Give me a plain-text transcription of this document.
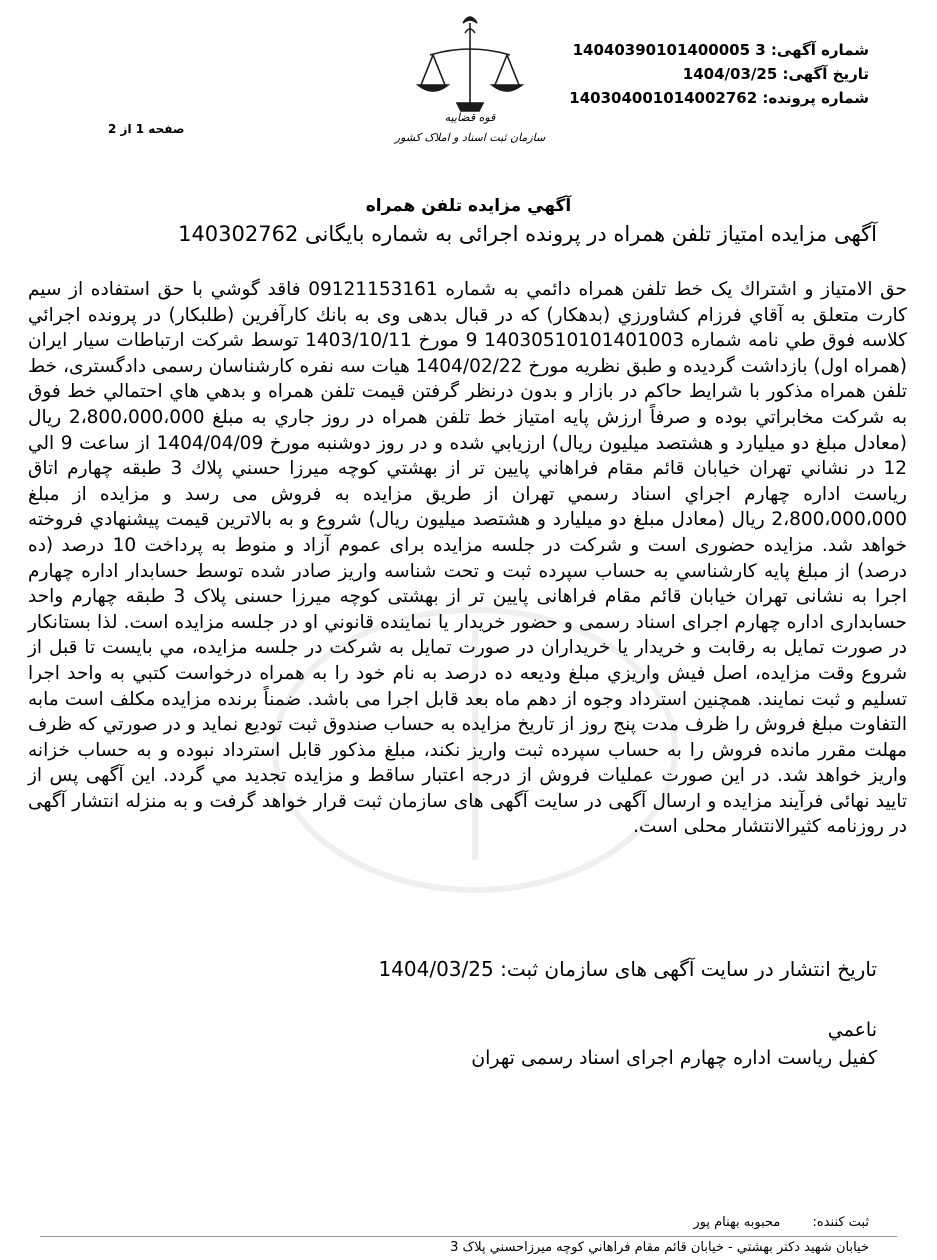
قوه قضاییه
سازمان ثبت اسناد و املاک کشور
شماره آگهی: 14040390101400005 3
تاریخ آگهی: 1404/03/25
شماره پرونده: 140304001014002762
صفحه 1 از 2
آگهي مزايده تلفن همراه
آگهی مزایده امتیاز تلفن همراه در پرونده اجرائی به شماره بایگانی 140302762
حق الامتياز و اشتراك يک خط تلفن همراه دائمي به شماره 09121153161 فاقد گوشي با حق استفاده از سيم كارت متعلق به آقاي فرزام كشاورزي (بدهكار) كه در قبال بدهی وی به بانك كارآفرين (طلبكار) در پرونده اجرائي كلاسه فوق طي نامه شماره 14030510101401003 9 مورخ 1403/10/11 توسط شركت ارتباطات سيار ايران (همراه اول) بازداشت گرديده و طبق نظريه مورخ 1404/02/22 هيات سه نفره كارشناسان رسمی دادگستری، خط تلفن همراه مذكور با شرايط حاكم در بازار و بدون درنظر گرفتن قيمت تلفن همراه و بدهي هاي احتمالي خط فوق به شركت مخابراتي بوده و صرفاً ارزش پايه امتياز خط تلفن همراه در روز جاري به مبلغ 2،800،000،000 ريال (معادل مبلغ دو ميليارد و هشتصد ميليون ريال) ارزيابي شده و در روز دوشنبه مورخ 1404/04/09 از ساعت 9 الي 12 در نشاني تهران خيابان قائم مقام فراهاني پايين تر از بهشتي كوچه ميرزا حسني پلاك 3 طبقه چهارم اتاق رياست اداره چهارم اجراي اسناد رسمي تهران از طريق مزايده به فروش می رسد و مزايده از مبلغ 2،800،000،000 ريال (معادل مبلغ دو ميليارد و هشتصد ميليون ريال) شروع و به بالاترين قيمت پيشنهادي فروخته خواهد شد. مزايده حضوری است و شركت در جلسه مزايده برای عموم آزاد و منوط به پرداخت 10 درصد (ده درصد) از مبلغ پايه كارشناسي به حساب سپرده ثبت و تحت شناسه واريز صادر شده توسط حسابدار اداره چهارم اجرا به نشانی تهران خيابان قائم مقام فراهانی پايين تر از بهشتی كوچه ميرزا حسنی پلاک 3 طبقه چهارم واحد حسابداری اداره چهارم اجرای اسناد رسمی و حضور خريدار يا نماينده قانوني او در جلسه مزايده است. لذا بستانكار در صورت تمايل به رقابت و خريدار يا خريداران در صورت تمايل به شركت در جلسه مزايده، مي بايست تا قبل از شروع وقت مزايده، اصل فيش واريزي مبلغ وديعه ده درصد به نام خود را به همراه درخواست كتبي به واحد اجرا تسليم و ثبت نمايند. همچنين استرداد وجوه از دهم ماه بعد قابل اجرا می باشد. ضمناً برنده مزايده مكلف است مابه التفاوت مبلغ فروش را ظرف مدت پنج روز از تاريخ مزايده به حساب صندوق ثبت توديع نمايد و در صورتي كه ظرف مهلت مقرر مانده فروش را به حساب سپرده ثبت واريز نكند، مبلغ مذكور قابل استرداد نبوده و به حساب خزانه واريز خواهد شد. در اين صورت عمليات فروش از درجه اعتبار ساقط و مزايده تجديد مي گردد. اين آگهی پس از تاييد نهائی فرآيند مزايده و ارسال آگهی در سايت آگهی های سازمان ثبت قرار خواهد گرفت و به منزله انتشار آگهی در روزنامه كثيرالانتشار محلی است.
تاریخ انتشار در سایت آگهی های سازمان ثبت: 1404/03/25
ناعمي
كفيل رياست اداره چهارم اجرای اسناد رسمی تهران
ثبت كننده: محبوبه بهنام پور
خيابان شهيد دكتر بهشتي - خيابان قائم مقام فراهاني كوچه ميرزاحسني پلاک 3
